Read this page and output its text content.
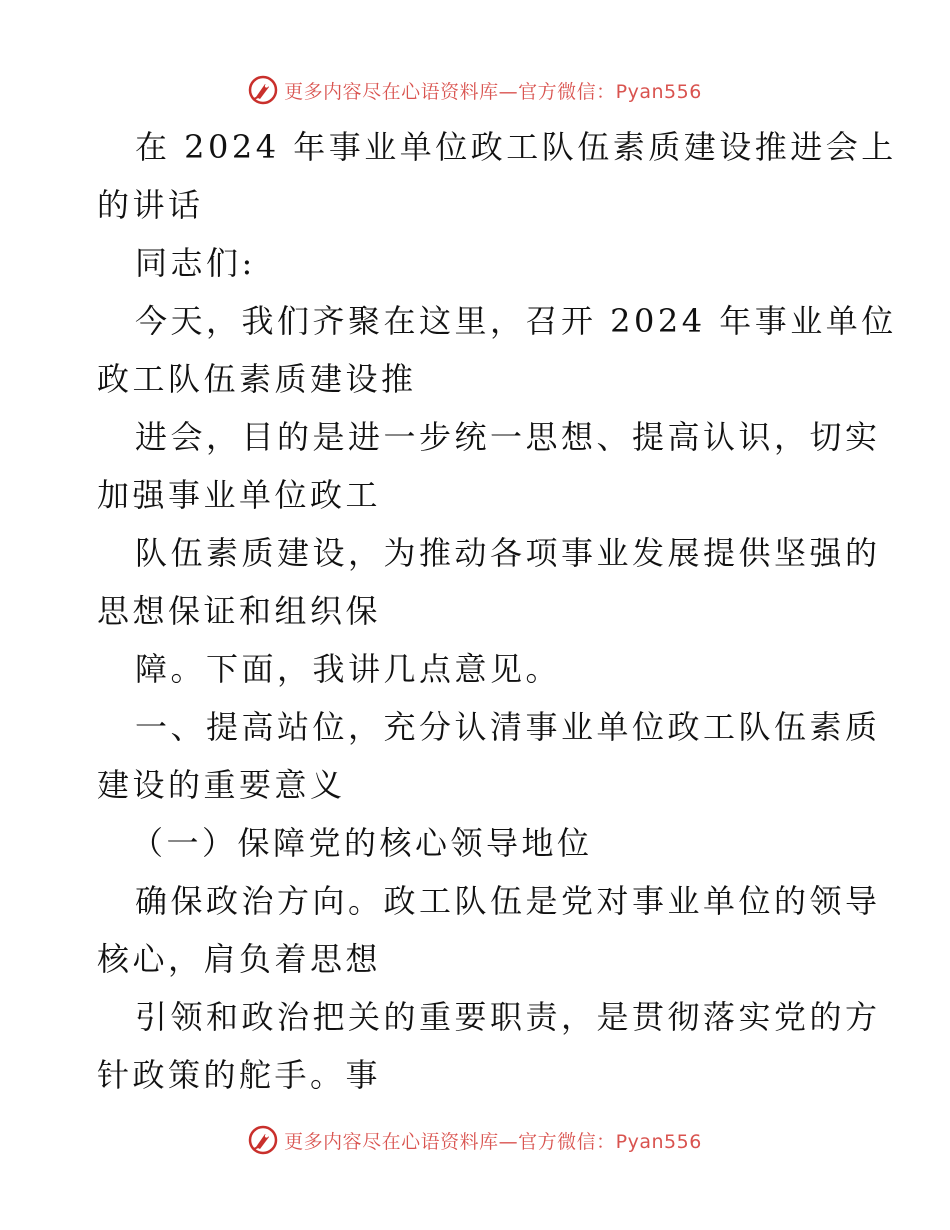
更多内容尽在心语资料库—官方微信：Pyan556
在 2024 年事业单位政工队伍素质建设推进会上
的讲话
同志们:
今天，我们齐聚在这里，召开 2024 年事业单位
政工队伍素质建设推
进会，目的是进一步统一思想、提高认识，切实
加强事业单位政工
队伍素质建设，为推动各项事业发展提供坚强的
思想保证和组织保
障。下面，我讲几点意见。
一、提高站位，充分认清事业单位政工队伍素质
建设的重要意义
（一）保障党的核心领导地位
确保政治方向。政工队伍是党对事业单位的领导
核心，肩负着思想
引领和政治把关的重要职责，是贯彻落实党的方
针政策的舵手。事
更多内容尽在心语资料库—官方微信：Pyan556
